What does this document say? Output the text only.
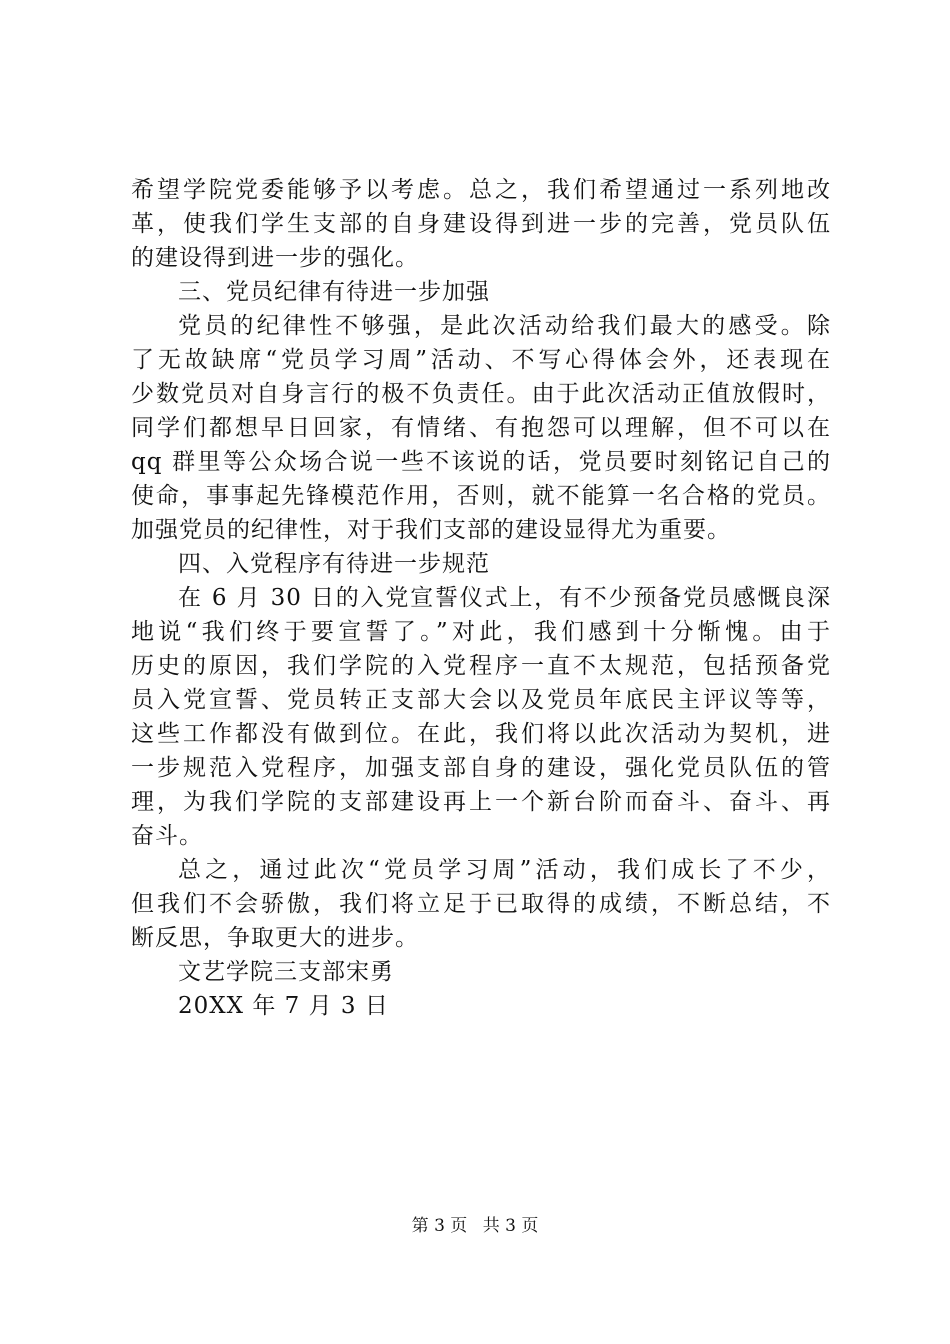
希望学院党委能够予以考虑。总之，我们希望通过一系列地改
革，使我们学生支部的自身建设得到进一步的完善，党员队伍
的建设得到进一步的强化。
三、党员纪律有待进一步加强
党员的纪律性不够强，是此次活动给我们最大的感受。除
了无故缺席“党员学习周”活动、不写心得体会外，还表现在
少数党员对自身言行的极不负责任。由于此次活动正值放假时，
同学们都想早日回家，有情绪、有抱怨可以理解，但不可以在
qq 群里等公众场合说一些不该说的话，党员要时刻铭记自己的
使命，事事起先锋模范作用，否则，就不能算一名合格的党员。
加强党员的纪律性，对于我们支部的建设显得尤为重要。
四、入党程序有待进一步规范
在 6 月 30 日的入党宣誓仪式上，有不少预备党员感慨良深
地说“我们终于要宣誓了。”对此，我们感到十分惭愧。由于
历史的原因，我们学院的入党程序一直不太规范，包括预备党
员入党宣誓、党员转正支部大会以及党员年底民主评议等等，
这些工作都没有做到位。在此，我们将以此次活动为契机，进
一步规范入党程序，加强支部自身的建设，强化党员队伍的管
理，为我们学院的支部建设再上一个新台阶而奋斗、奋斗、再
奋斗。
总之，通过此次“党员学习周”活动，我们成长了不少，
但我们不会骄傲，我们将立足于已取得的成绩，不断总结，不
断反思，争取更大的进步。
文艺学院三支部宋勇
20XX 年 7 月 3 日
第 3 页 共 3 页
